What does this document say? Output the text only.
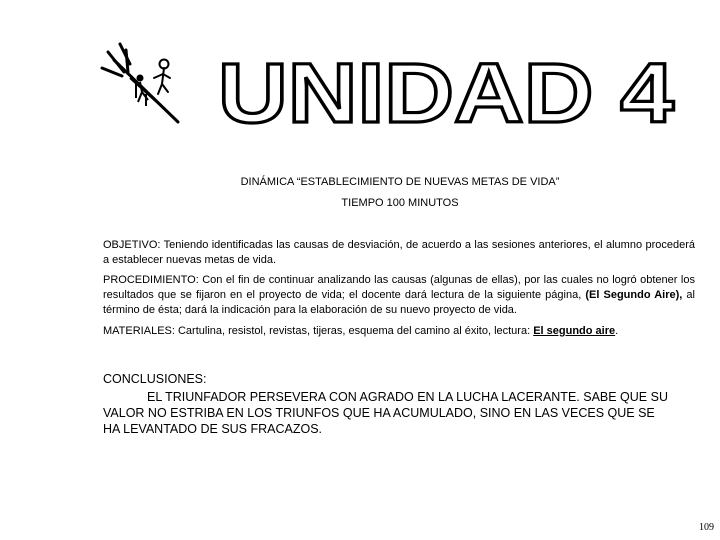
UNIDAD 4
DINÁMICA “ESTABLECIMIENTO DE NUEVAS METAS DE VIDA”
TIEMPO 100 MINUTOS
OBJETIVO: Teniendo identificadas las causas de desviación, de acuerdo a las sesiones anteriores, el alumno procederá a establecer nuevas metas de vida.
PROCEDIMIENTO: Con el fin de continuar analizando las causas (algunas de ellas), por las cuales no logró obtener los resultados que se fijaron en el proyecto de vida; el docente dará lectura de la siguiente página, (El Segundo Aire), al término de ésta; dará la indicación para la elaboración de su nuevo proyecto de vida.
MATERIALES: Cartulina, resistol, revistas, tijeras, esquema del camino al éxito, lectura: El segundo aire.
CONCLUSIONES:
EL TRIUNFADOR PERSEVERA CON AGRADO EN LA LUCHA LACERANTE. SABE QUE SU VALOR NO ESTRIBA EN LOS TRIUNFOS QUE HA ACUMULADO, SINO EN LAS VECES QUE SE HA LEVANTADO DE SUS FRACAZOS.
109
